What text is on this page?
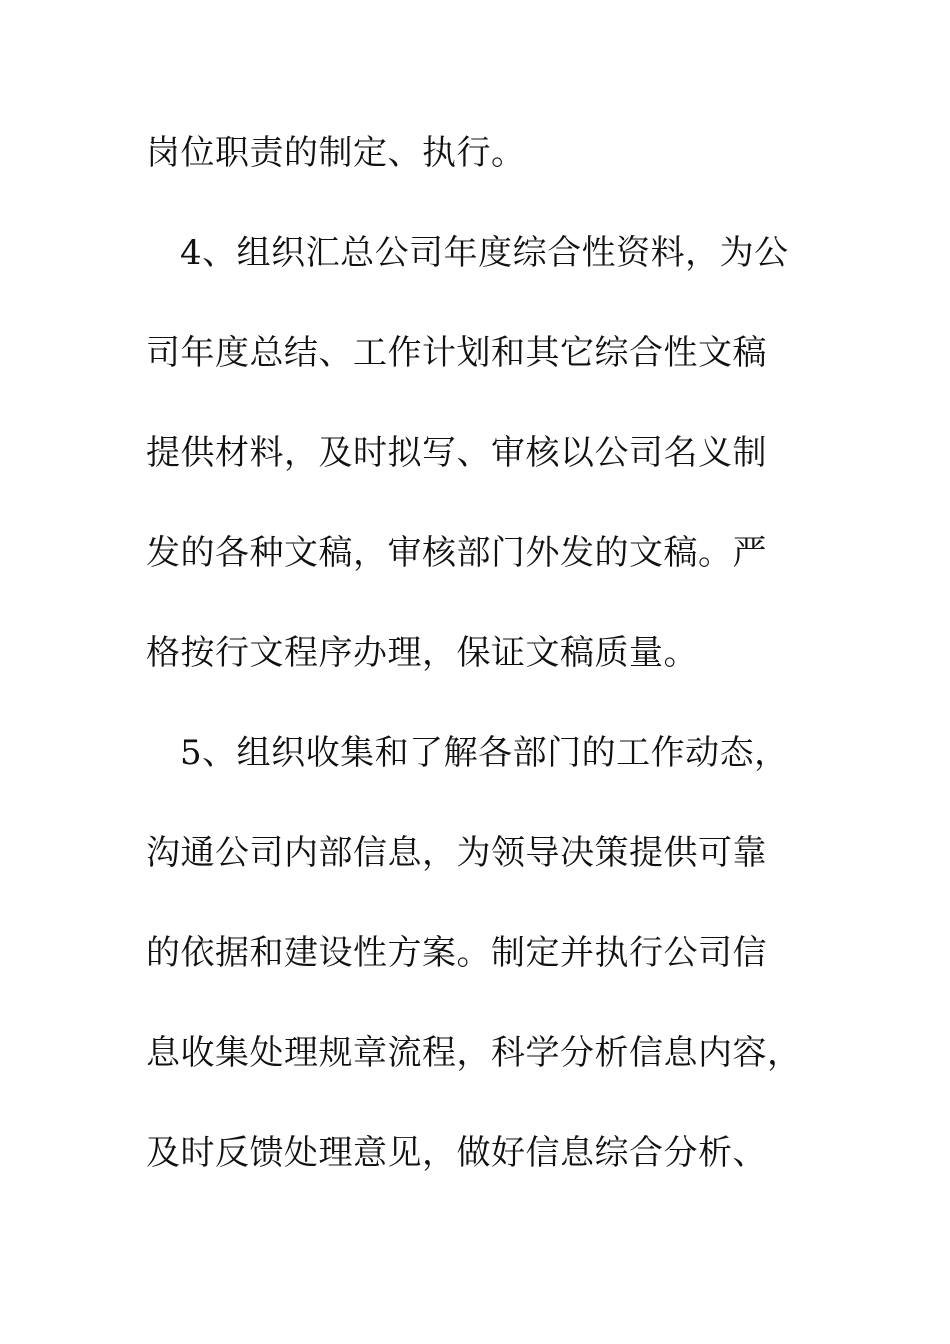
岗位职责的制定、执行。
4、组织汇总公司年度综合性资料，为公
司年度总结、工作计划和其它综合性文稿
提供材料，及时拟写、审核以公司名义制
发的各种文稿，审核部门外发的文稿。严
格按行文程序办理，保证文稿质量。
5、组织收集和了解各部门的工作动态，
沟通公司内部信息，为领导决策提供可靠
的依据和建设性方案。制定并执行公司信
息收集处理规章流程，科学分析信息内容，
及时反馈处理意见，做好信息综合分析、
